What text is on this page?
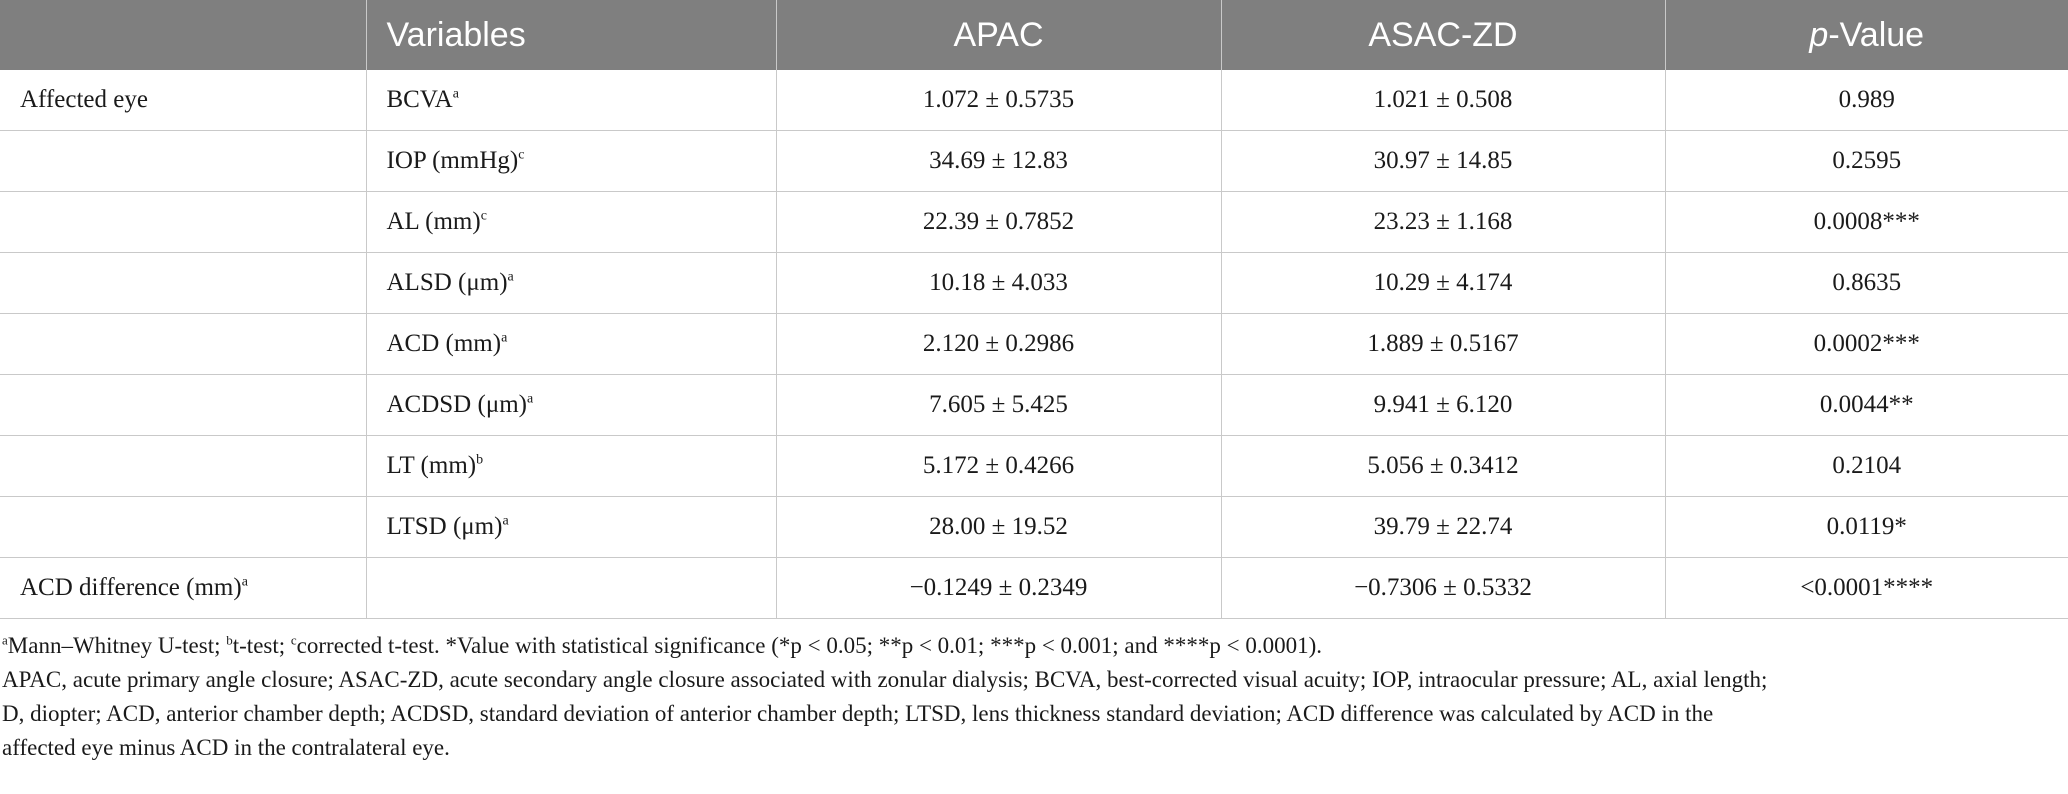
	Variables	APAC	ASAC-ZD	p-Value
Affected eye	BCVA$^a$	1.072 ± 0.5735	1.021 ± 0.508	0.989
	IOP (mmHg)$^c$	34.69 ± 12.83	30.97 ± 14.85	0.2595
	AL (mm)$^c$	22.39 ± 0.7852	23.23 ± 1.168	0.0008***
	ALSD $(\mu m)^a$	10.18 ± 4.033	10.29 ± 4.174	0.8635
	ACD (mm)$^a$	2.120 ± 0.2986	1.889 ± 0.5167	0.0002***
	ACDSD $(\mu m)^a$	7.605 ± 5.425	9.941 ± 6.120	0.0044**
	LT (mm)$^b$	5.172 ± 0.4266	5.056 ± 0.3412	0.2104
	LTSD $(\mu m)^a$	28.00 ± 19.52	39.79 ± 22.74	0.0119*
ACD difference (mm)$^a$		−0.1249 ± 0.2349	−0.7306 ± 0.5332	<0.0001****
$^a$Mann–Whitney U-test; $^b$t-test; $^c$corrected t-test. *Value with statistical significance (*p < 0.05; **p < 0.01; ***p < 0.001; and ****p < 0.0001).
APAC, acute primary angle closure; ASAC-ZD, acute secondary angle closure associated with zonular dialysis; BCVA, best-corrected visual acuity; IOP, intraocular pressure; AL, axial length;
D, diopter; ACD, anterior chamber depth; ACDSD, standard deviation of anterior chamber depth; LTSD, lens thickness standard deviation; ACD difference was calculated by ACD in the
affected eye minus ACD in the contralateral eye.
